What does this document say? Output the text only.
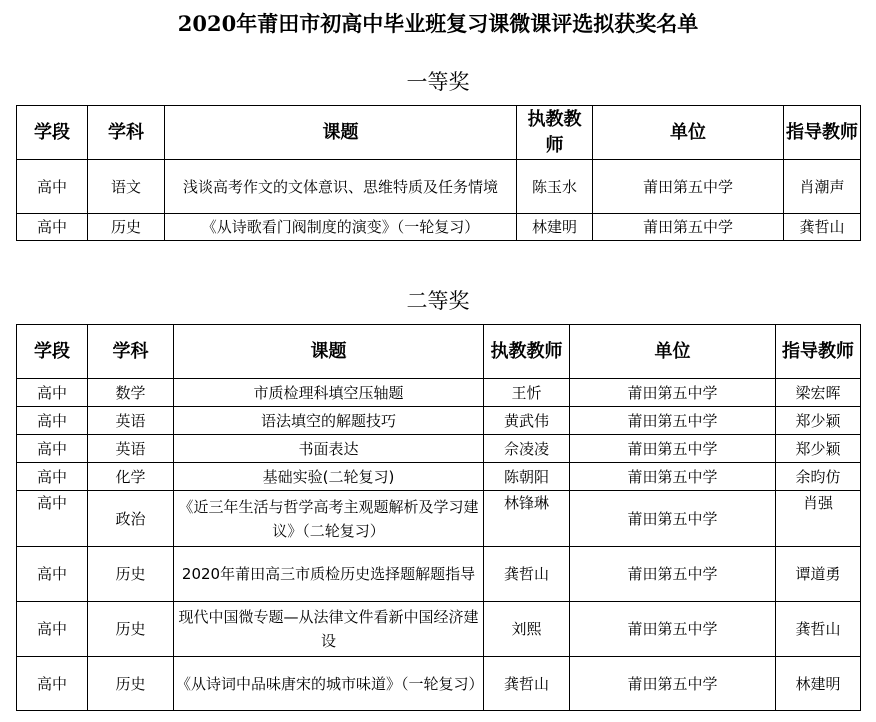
2020年莆田市初高中毕业班复习课微课评选拟获奖名单
一等奖
学段	学科	课题	执教教师	单位	指导教师
高中	语文	浅谈高考作文的文体意识、思维特质及任务情境	陈玉水	莆田第五中学	肖潮声
高中	历史	《从诗歌看门阀制度的演变》（一轮复习）	林建明	莆田第五中学	龚哲山
二等奖
学段	学科	课题	执教教师	单位	指导教师
高中	数学	市质检理科填空压轴题	王忻	莆田第五中学	梁宏晖
高中	英语	语法填空的解题技巧	黄武伟	莆田第五中学	郑少颖
高中	英语	书面表达	佘凌凌	莆田第五中学	郑少颖
高中	化学	基础实验(二轮复习)	陈朝阳	莆田第五中学	余昀仿
高中	政治	《近三年生活与哲学高考主观题解析及学习建议》（二轮复习）	林锋琳	莆田第五中学	肖强
高中	历史	2020年莆田高三市质检历史选择题解题指导	龚哲山	莆田第五中学	谭道勇
高中	历史	现代中国微专题—从法律文件看新中国经济建设	刘熙	莆田第五中学	龚哲山
高中	历史	《从诗词中品味唐宋的城市味道》（一轮复习）	龚哲山	莆田第五中学	林建明
